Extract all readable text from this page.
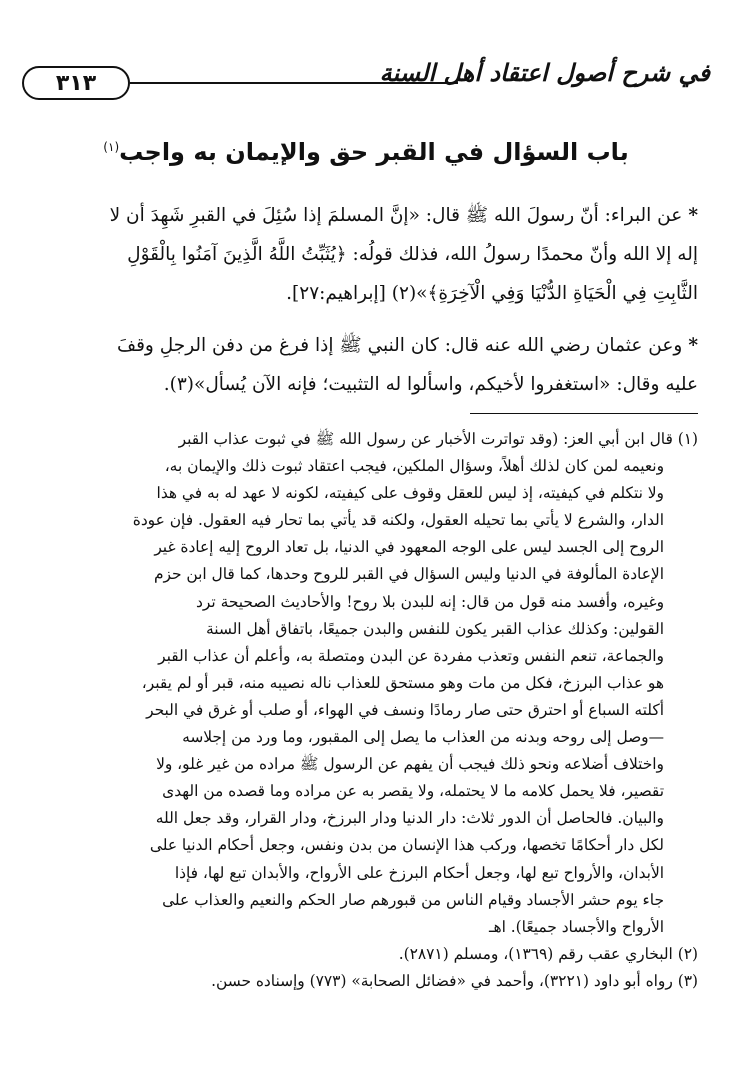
٣١٣	في شرح أصول اعتقاد أهل السنة
باب السؤال في القبر حق والإيمان به واجب$^{(١)}$
*عن البراء: أنّ رسولَ الله ﷺ قال: «إنَّ المسلمَ إذا سُئِلَ في القبرِ شَهِدَ أن لا
إله إلا الله وأنّ محمدًا رسولُ الله، فذلك قولُه: ﴿يُثَبِّتُ اللَّهُ الَّذِينَ آمَنُوا بِالْقَوْلِ
الثَّابِتِ فِي الْحَيَاةِ الدُّنْيَا وَفِي الْآخِرَةِ﴾»(٢) [إبراهيم:٢٧].
*وعن عثمان رضي الله عنه قال: كان النبي ﷺ إذا فرغ من دفن الرجلِ وقفَ
عليه وقال: «استغفروا لأخيكم، واسألوا له التثبيت؛ فإنه الآن يُسأل»(٣).
(١) قال ابن أبي العز: (وقد تواترت الأخبار عن رسول الله ﷺ في ثبوت عذاب القبر
ونعيمه لمن كان لذلك أهلاً، وسؤال الملكين، فيجب اعتقاد ثبوت ذلك والإيمان به،
ولا نتكلم في كيفيته، إذ ليس للعقل وقوف على كيفيته، لكونه لا عهد له به في هذا
الدار، والشرع لا يأتي بما تحيله العقول، ولكنه قد يأتي بما تحار فيه العقول. فإن عودة
الروح إلى الجسد ليس على الوجه المعهود في الدنيا، بل تعاد الروح إليه إعادة غير
الإعادة المألوفة في الدنيا وليس السؤال في القبر للروح وحدها، كما قال ابن حزم
وغيره، وأفسد منه قول من قال: إنه للبدن بلا روح! والأحاديث الصحيحة ترد
القولين: وكذلك عذاب القبر يكون للنفس والبدن جميعًا، باتفاق أهل السنة
والجماعة، تنعم النفس وتعذب مفردة عن البدن ومتصلة به، وأعلم أن عذاب القبر
هو عذاب البرزخ، فكل من مات وهو مستحق للعذاب ناله نصيبه منه، قبر أو لم يقبر،
أكلته السباع أو احترق حتى صار رمادًا ونسف في الهواء، أو صلب أو غرق في البحر
—وصل إلى روحه وبدنه من العذاب ما يصل إلى المقبور، وما ورد من إجلاسه
واختلاف أضلاعه ونحو ذلك فيجب أن يفهم عن الرسول ﷺ مراده من غير غلو، ولا
تقصير، فلا يحمل كلامه ما لا يحتمله، ولا يقصر به عن مراده وما قصده من الهدى
والبيان. فالحاصل أن الدور ثلاث: دار الدنيا ودار البرزخ، ودار القرار، وقد جعل الله
لكل دار أحكامًا تخصها، وركب هذا الإنسان من بدن ونفس، وجعل أحكام الدنيا على
الأبدان، والأرواح تبع لها، وجعل أحكام البرزخ على الأرواح، والأبدان تبع لها، فإذا
جاء يوم حشر الأجساد وقيام الناس من قبورهم صار الحكم والنعيم والعذاب على
الأرواح والأجساد جميعًا). اهـ
(٢) البخاري عقب رقم (١٣٦٩)، ومسلم (٢٨٧١).
(٣) رواه أبو داود (٣٢٢١)، وأحمد في «فضائل الصحابة» (٧٧٣) وإسناده حسن.
